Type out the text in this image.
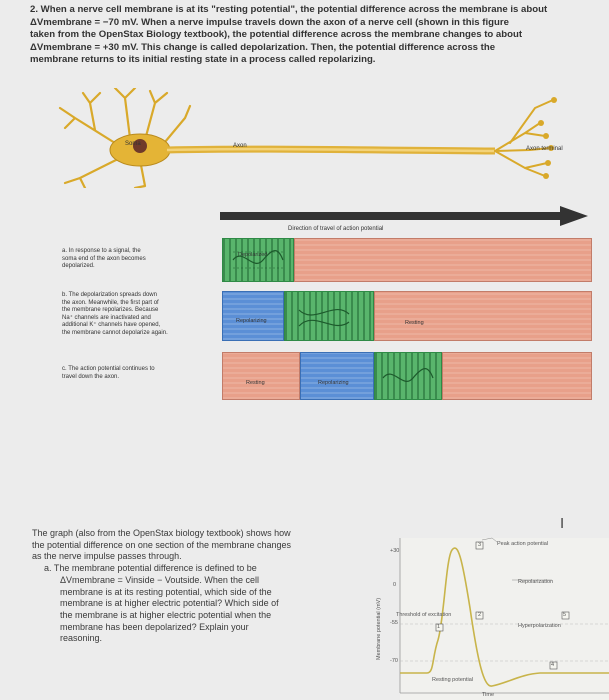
2. When a nerve cell membrane is at its "resting potential", the potential difference across the membrane is about
ΔVmembrane = −70 mV. When a nerve impulse travels down the axon of a nerve cell (shown in this figure
taken from the OpenStax Biology textbook), the potential difference across the membrane changes to about
ΔVmembrane = +30 mV. This change is called depolarization. Then, the potential difference across the
membrane returns to its initial resting state in a process called repolarizing.
Soma	Axon	Axon terminal
Direction of travel of action potential
Depolarized
Repolarizing	Resting
Resting	Repolarizing
a. In response to a signal, the
soma end of the axon becomes
depolarized.
b. The depolarization spreads down
the axon. Meanwhile, the first part of
the membrane repolarizes. Because
Na⁺ channels are inactivated and
additional K⁺ channels have opened,
the membrane cannot depolarize again.
c. The action potential continues to
travel down the axon.
The graph (also from the OpenStax biology textbook) shows how
the potential difference on one section of the membrane changes
as the nerve impulse passes through.
a. The membrane potential difference is defined to be
ΔVmembrane = Vinside − Voutside. When the cell
membrane is at its resting potential, which side of the
membrane is at higher electric potential? Which side of
the membrane is at higher electric potential when the
membrane has been depolarized? Explain your
reasoning.	Membrane potential (mV)
+30
0
-55
-70
Peak action potential
Repolarization
Threshold of excitation
Resting potential
Hyperpolarization
Time
3
2
1
4
5
Ⅰ
